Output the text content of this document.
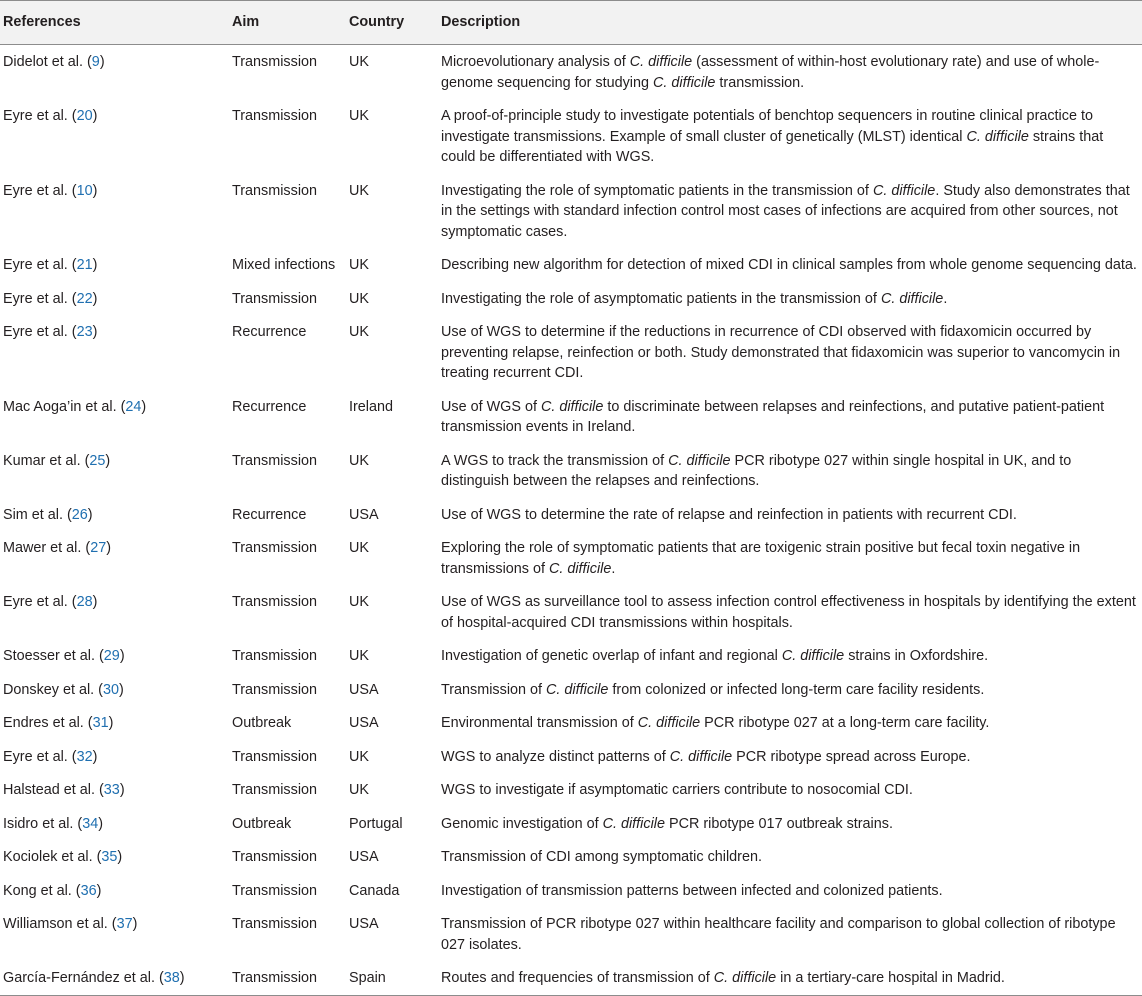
References	Aim	Country	Description
Didelot et al. (9)	Transmission	UK	Microevolutionary analysis of C. difficile (assessment of within-host evolutionary rate) and use of whole-genome sequencing for studying C. difficile transmission.
Eyre et al. (20)	Transmission	UK	A proof-of-principle study to investigate potentials of benchtop sequencers in routine clinical practice to investigate transmissions. Example of small cluster of genetically (MLST) identical C. difficile strains that could be differentiated with WGS.
Eyre et al. (10)	Transmission	UK	Investigating the role of symptomatic patients in the transmission of C. difficile. Study also demonstrates that in the settings with standard infection control most cases of infections are acquired from other sources, not symptomatic cases.
Eyre et al. (21)	Mixed infections	UK	Describing new algorithm for detection of mixed CDI in clinical samples from whole genome sequencing data.
Eyre et al. (22)	Transmission	UK	Investigating the role of asymptomatic patients in the transmission of C. difficile.
Eyre et al. (23)	Recurrence	UK	Use of WGS to determine if the reductions in recurrence of CDI observed with fidaxomicin occurred by preventing relapse, reinfection or both. Study demonstrated that fidaxomicin was superior to vancomycin in treating recurrent CDI.
Mac Aoga’in et al. (24)	Recurrence	Ireland	Use of WGS of C. difficile to discriminate between relapses and reinfections, and putative patient-patient transmission events in Ireland.
Kumar et al. (25)	Transmission	UK	A WGS to track the transmission of C. difficile PCR ribotype 027 within single hospital in UK, and to distinguish between the relapses and reinfections.
Sim et al. (26)	Recurrence	USA	Use of WGS to determine the rate of relapse and reinfection in patients with recurrent CDI.
Mawer et al. (27)	Transmission	UK	Exploring the role of symptomatic patients that are toxigenic strain positive but fecal toxin negative in transmissions of C. difficile.
Eyre et al. (28)	Transmission	UK	Use of WGS as surveillance tool to assess infection control effectiveness in hospitals by identifying the extent of hospital-acquired CDI transmissions within hospitals.
Stoesser et al. (29)	Transmission	UK	Investigation of genetic overlap of infant and regional C. difficile strains in Oxfordshire.
Donskey et al. (30)	Transmission	USA	Transmission of C. difficile from colonized or infected long-term care facility residents.
Endres et al. (31)	Outbreak	USA	Environmental transmission of C. difficile PCR ribotype 027 at a long-term care facility.
Eyre et al. (32)	Transmission	UK	WGS to analyze distinct patterns of C. difficile PCR ribotype spread across Europe.
Halstead et al. (33)	Transmission	UK	WGS to investigate if asymptomatic carriers contribute to nosocomial CDI.
Isidro et al. (34)	Outbreak	Portugal	Genomic investigation of C. difficile PCR ribotype 017 outbreak strains.
Kociolek et al. (35)	Transmission	USA	Transmission of CDI among symptomatic children.
Kong et al. (36)	Transmission	Canada	Investigation of transmission patterns between infected and colonized patients.
Williamson et al. (37)	Transmission	USA	Transmission of PCR ribotype 027 within healthcare facility and comparison to global collection of ribotype 027 isolates.
García-Fernández et al. (38)	Transmission	Spain	Routes and frequencies of transmission of C. difficile in a tertiary-care hospital in Madrid.
